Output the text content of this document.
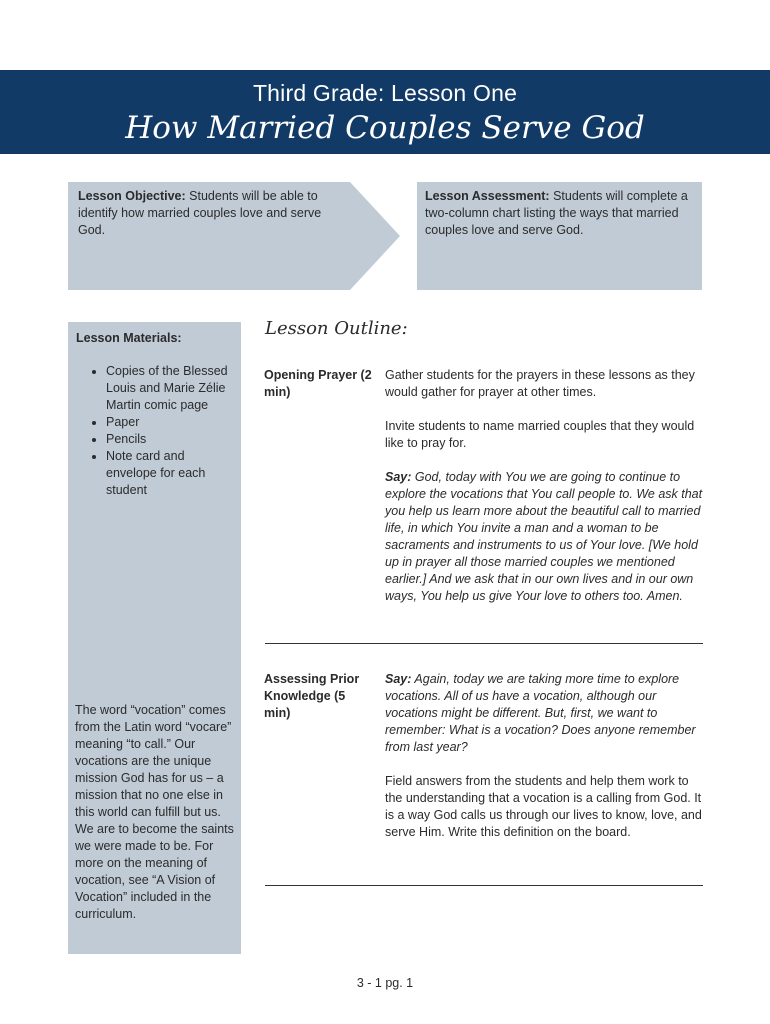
Third Grade: Lesson One
How Married Couples Serve God
Lesson Objective: Students will be able to identify how married couples love and serve God.
Lesson Assessment: Students will complete a two-column chart listing the ways that married couples love and serve God.
Lesson Materials:
• Copies of the Blessed Louis and Marie Zélie Martin comic page
• Paper
• Pencils
• Note card and envelope for each student
The word “vocation” comes from the Latin word “vocare” meaning “to call.” Our vocations are the unique mission God has for us – a mission that no one else in this world can fulfill but us. We are to become the saints we were made to be. For more on the meaning of vocation, see “A Vision of Vocation” included in the curriculum.
Lesson Outline:
Opening Prayer (2 min)

Gather students for the prayers in these lessons as they would gather for prayer at other times.

Invite students to name married couples that they would like to pray for.

Say: God, today with You we are going to continue to explore the vocations that You call people to. We ask that you help us learn more about the beautiful call to married life, in which You invite a man and a woman to be sacraments and instruments to us of Your love. [We hold up in prayer all those married couples we mentioned earlier.] And we ask that in our own lives and in our own ways, You help us give Your love to others too. Amen.

Assessing Prior Knowledge (5 min)

Say: Again, today we are taking more time to explore vocations. All of us have a vocation, although our vocations might be different. But, first, we want to remember: What is a vocation? Does anyone remember from last year?

Field answers from the students and help them work to the understanding that a vocation is a calling from God. It is a way God calls us through our lives to know, love, and serve Him. Write this definition on the board.

3 - 1 pg. 1
